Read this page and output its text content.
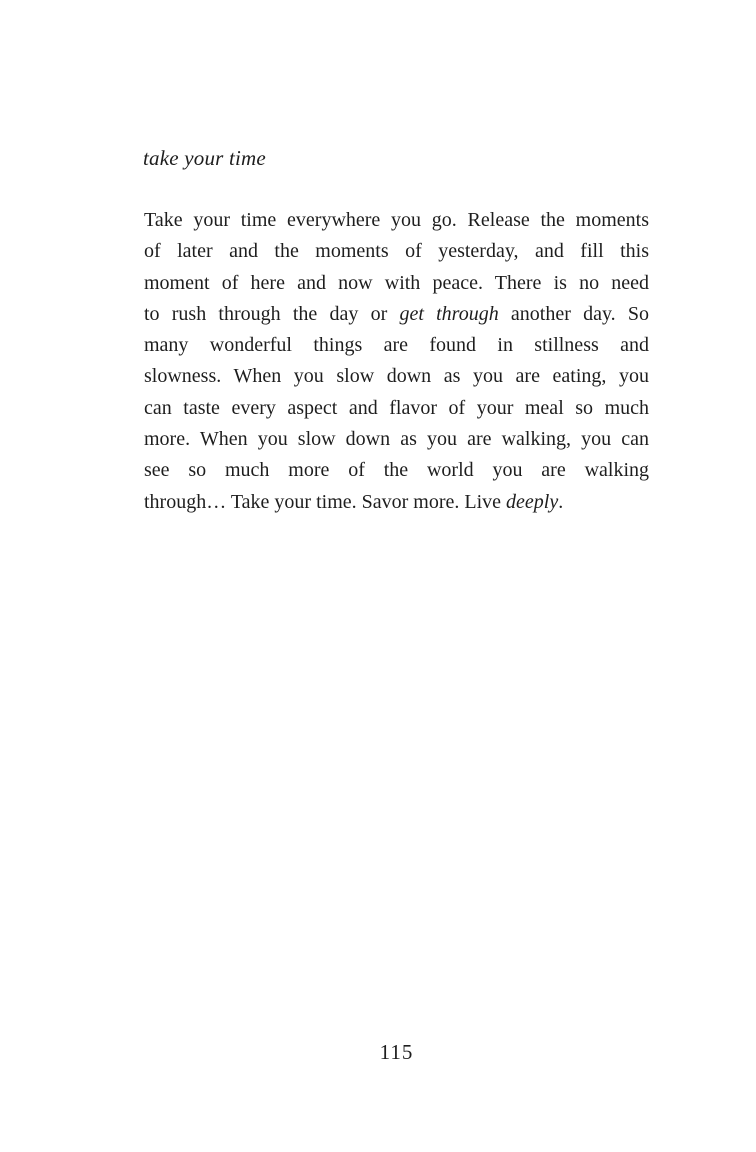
take your time
Take your time everywhere you go. Release the moments
of later and the moments of yesterday, and fill this
moment of here and now with peace. There is no need
to rush through the day or get through another day. So
many wonderful things are found in stillness and
slowness. When you slow down as you are eating, you
can taste every aspect and flavor of your meal so much
more. When you slow down as you are walking, you can
see so much more of the world you are walking
through… Take your time. Savor more. Live deeply.
115
